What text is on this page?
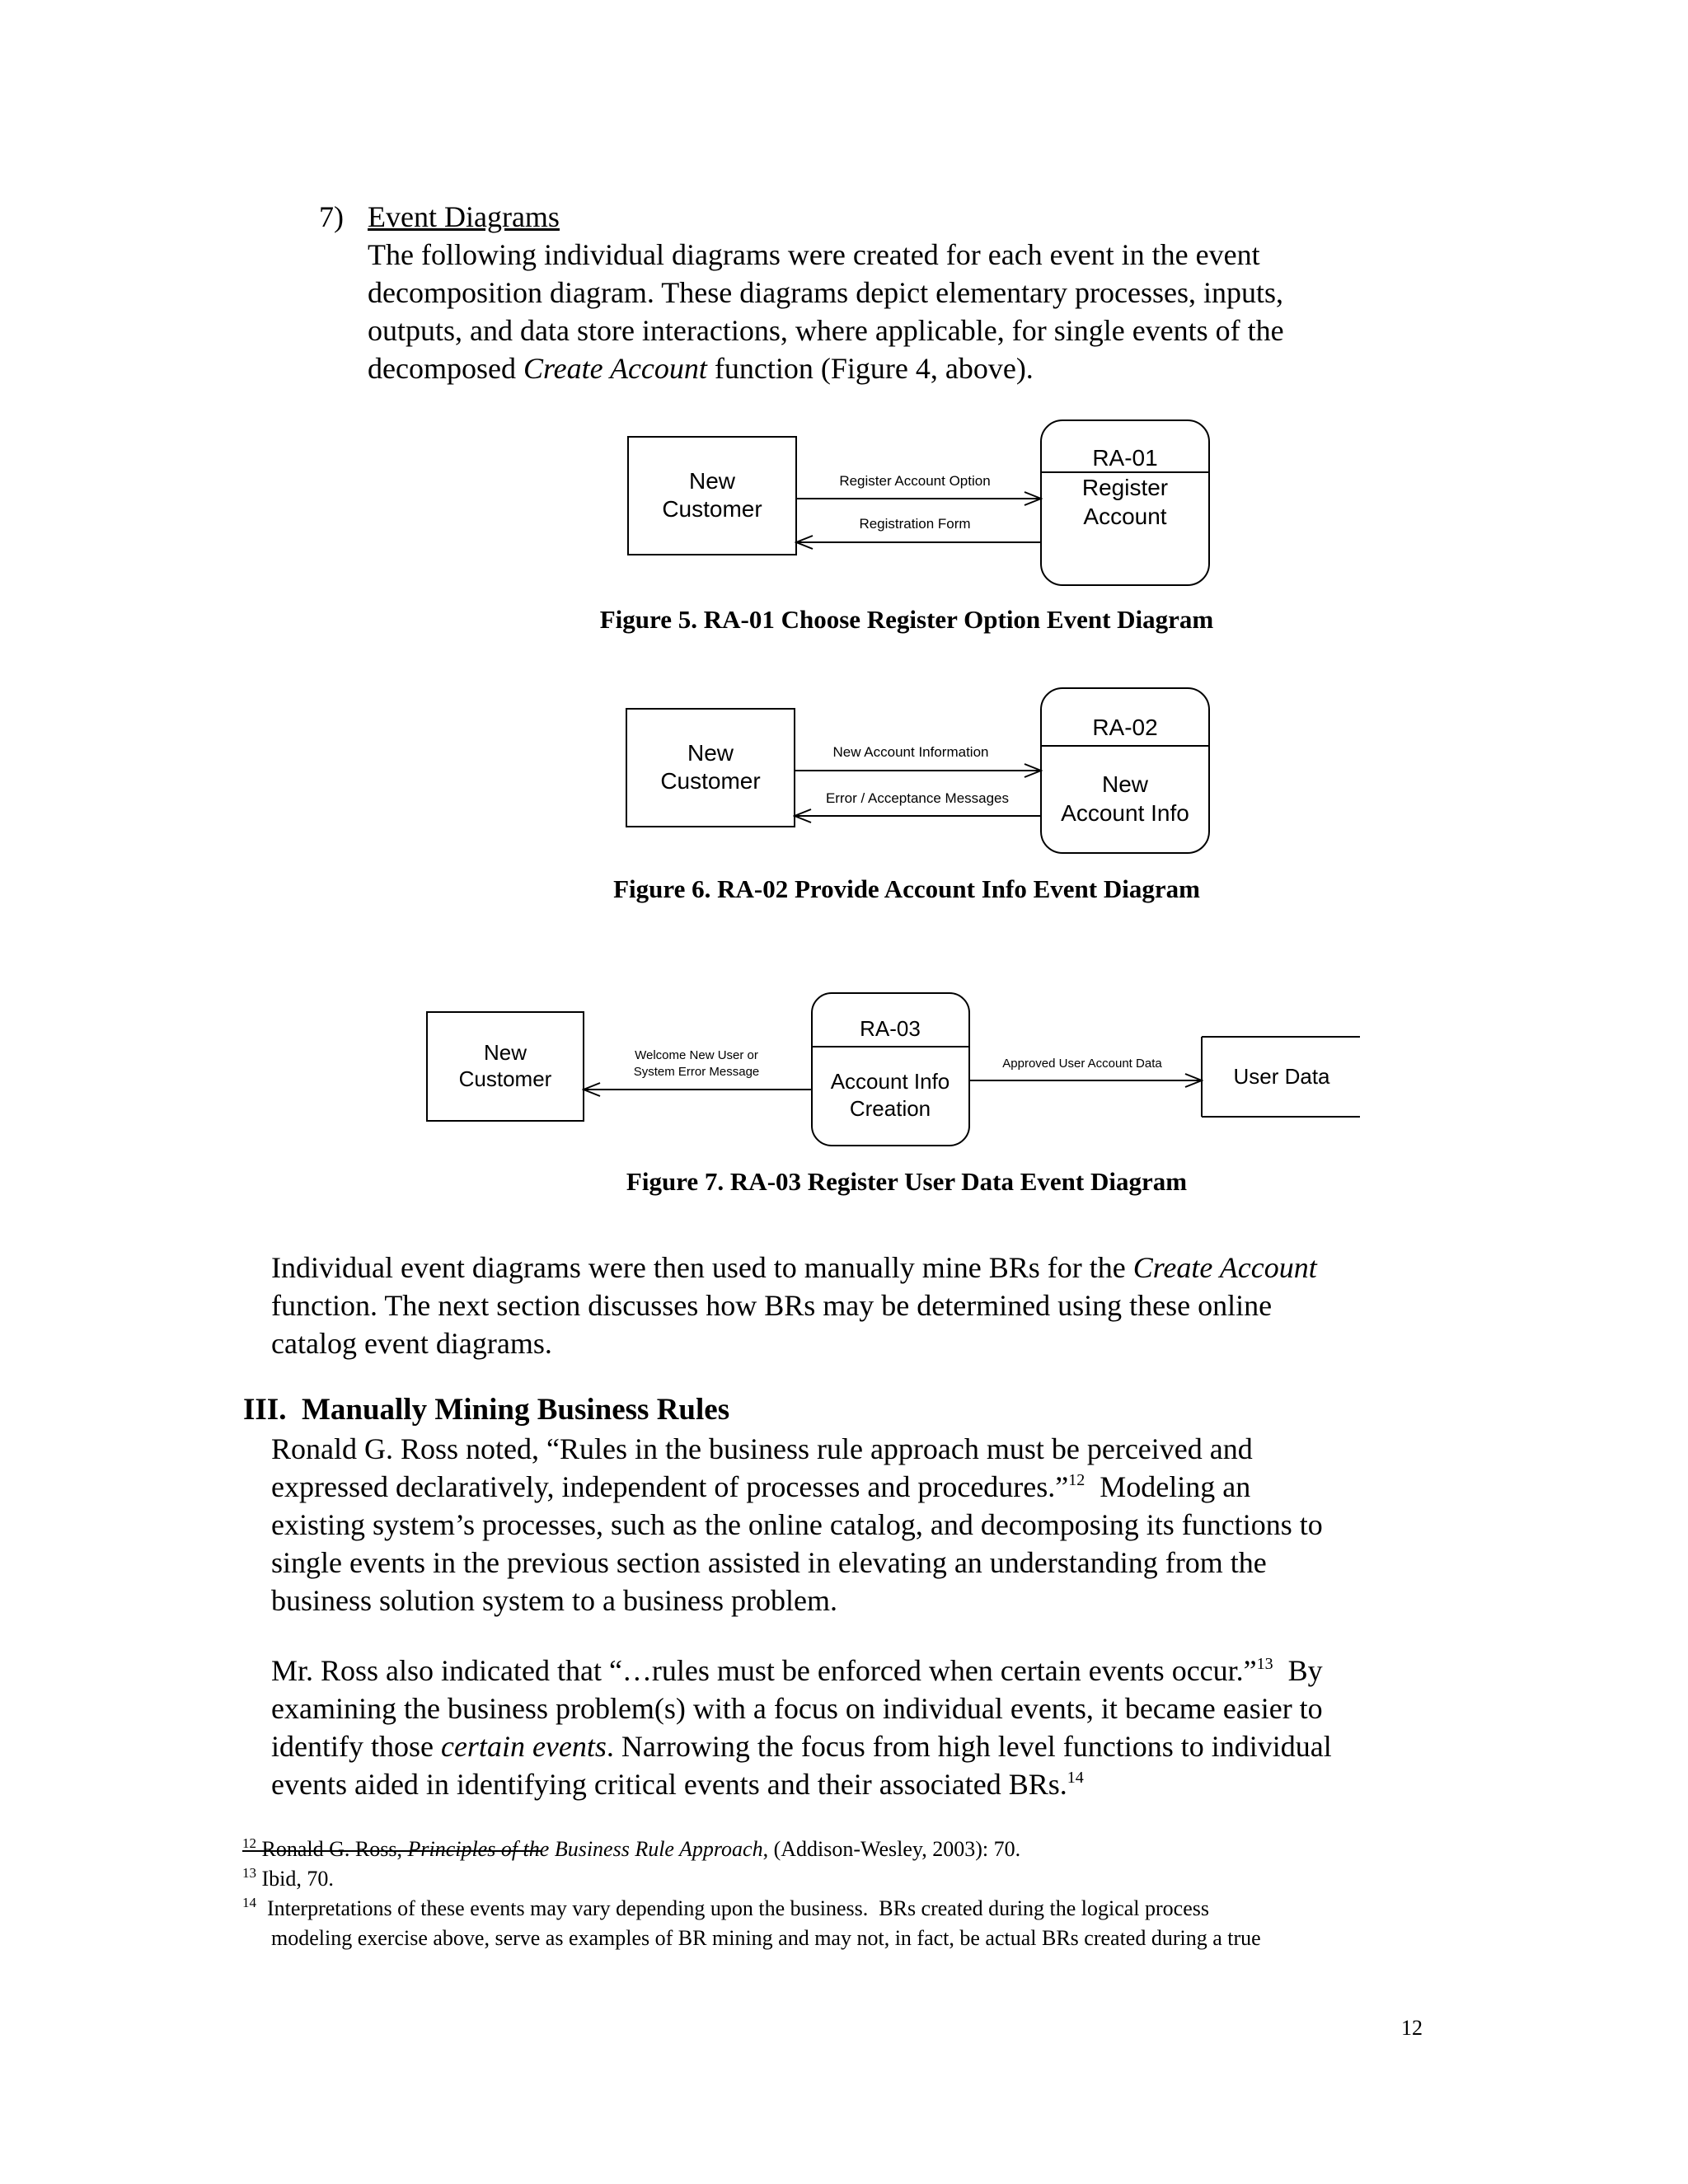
7) Event Diagrams
The following individual diagrams were created for each event in the event
decomposition diagram. These diagrams depict elementary processes, inputs,
outputs, and data store interactions, where applicable, for single events of the
decomposed Create Account function (Figure 4, above).
New
Customer
RA-01
Register
Account
Register Account Option
Registration Form
New
Customer
RA-02
New
Account Info
New Account Information
Error / Acceptance Messages
New
Customer
RA-03
Account Info
Creation
Welcome New User or
System Error Message
Approved User Account Data
User Data
Figure 5. RA-01 Choose Register Option Event Diagram
Figure 6. RA-02 Provide Account Info Event Diagram
Figure 7. RA-03 Register User Data Event Diagram
Individual event diagrams were then used to manually mine BRs for the Create Account
function. The next section discusses how BRs may be determined using these online
catalog event diagrams.
III.  Manually Mining Business Rules
Ronald G. Ross noted, “Rules in the business rule approach must be perceived and
expressed declaratively, independent of processes and procedures.”$^{12}$  Modeling an
existing system’s processes, such as the online catalog, and decomposing its functions to
single events in the previous section assisted in elevating an understanding from the
business solution system to a business problem.
Mr. Ross also indicated that “…rules must be enforced when certain events occur.”$^{13}$  By
examining the business problem(s) with a focus on individual events, it became easier to
identify those certain events. Narrowing the focus from high level functions to individual
events aided in identifying critical events and their associated BRs.$^{14}$
$^{12}$ Ronald G. Ross, Principles of the Business Rule Approach, (Addison-Wesley, 2003): 70.
$^{13}$ Ibid, 70.
$^{14}$  Interpretations of these events may vary depending upon the business.  BRs created during the logical process
modeling exercise above, serve as examples of BR mining and may not, in fact, be actual BRs created during a true
12
